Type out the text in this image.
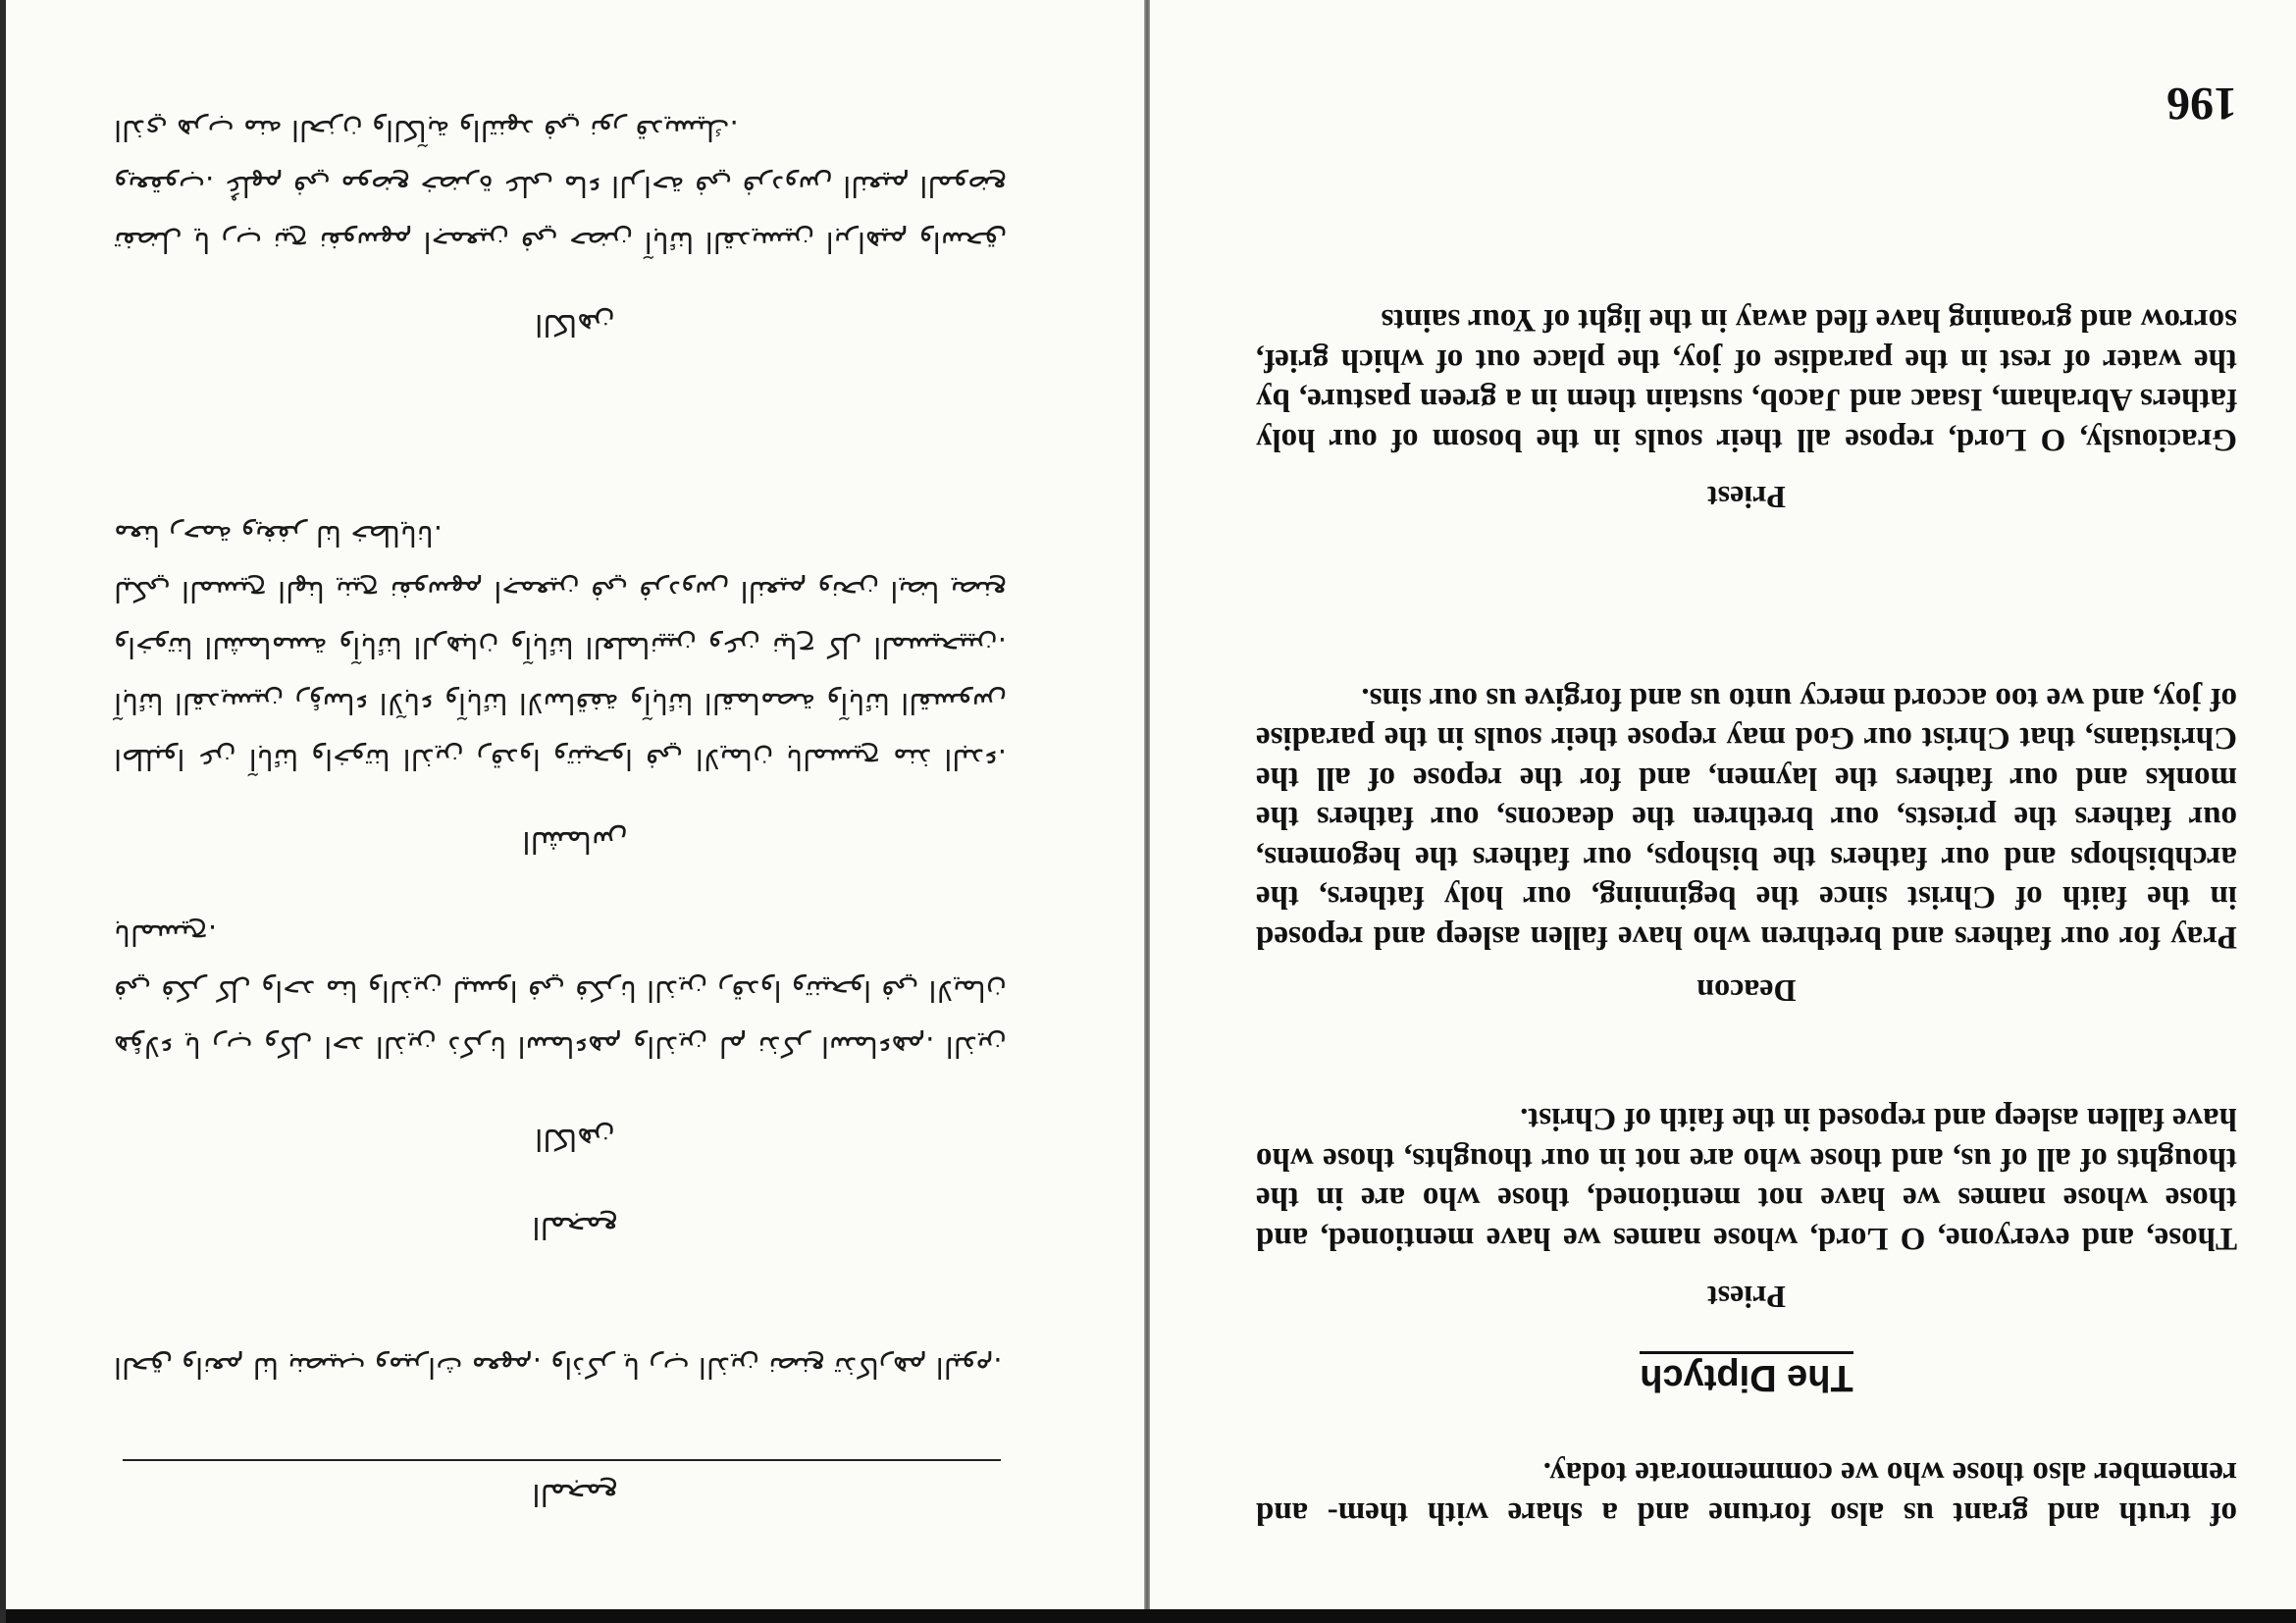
of truth and grant us also fortune and a share with them- and remember also those who we commemorate today.

The Diptych

Priest

Those, and everyone, O Lord, whose names we have mentioned, and those whose names we have not mentioned, those who are in the thoughts of all of us, and those who are not in our thoughts, those who have fallen asleep and reposed in the faith of Christ.

Deacon

Pray for our fathers and brethren who have fallen asleep and reposed in the faith of Christ since the beginning, our holy fathers, the archbishops and our fathers the bishops, our fathers the hegomens, our fathers the priests, our brethren the deacons, our fathers the monks and our fathers the laymen, and for the repose of all the Christians, that Christ our God may repose their souls in the paradise of joy, and we too accord mercy unto us and forgive us our sins.

Priest

Graciously, O Lord, repose all their souls in the bosom of our holy fathers Abraham, Isaac and Jacob, sustain them in a green pasture, by the water of rest in the paradise of joy, the place out of which grief, sorrow and groaning have fled away in the light of Your saints

196
المجمع

الحق وانعم لنا بنصيب وميراث معهم. واذكر يا رب الذين نصنع تذكارهم اليوم.

المجمع
الكاهن

هؤلاء يا رب وكل احد الذين ذكرنا اسماءهم والذين لم نذكر اسماءهم. الذين في فكر كل واحد منا والذين ليسوا في فكرنا الذين رقدوا وتنيحوا في الايمان بالمسيح.

الشماس

اطلبوا عن آبائنا واخوتنا الذين رقدوا وتنيحوا في الايمان بالمسيح منذ البدء. آبائنا القديسين رؤساء الآباء وآبائنا الاساقفة وآبائنا القمامصة وآبائنا القسوس واخوتنا الشمامسة وآبائنا الرهبان وآبائنا العلمانيين وعن نياح كل المسيحيين. ليكي المسيح الهنا ينيح نفوسهم اجمعين في فردوس النعيم ونحن ايضا يصنع معنا رحمة ويغفر لنا خطايانا.

الكاهن

تفضل يا رب نيح نفوسهم اجمعين في حضن آبائنا القديسين ابراهيم واسحق ويعقوب. عُلهم في موضع خضرة على ماء الراحة في فردوس النعيم الموضع الذي هرب منه الحزن والكآبة والتنهد في نور قديسيك.
